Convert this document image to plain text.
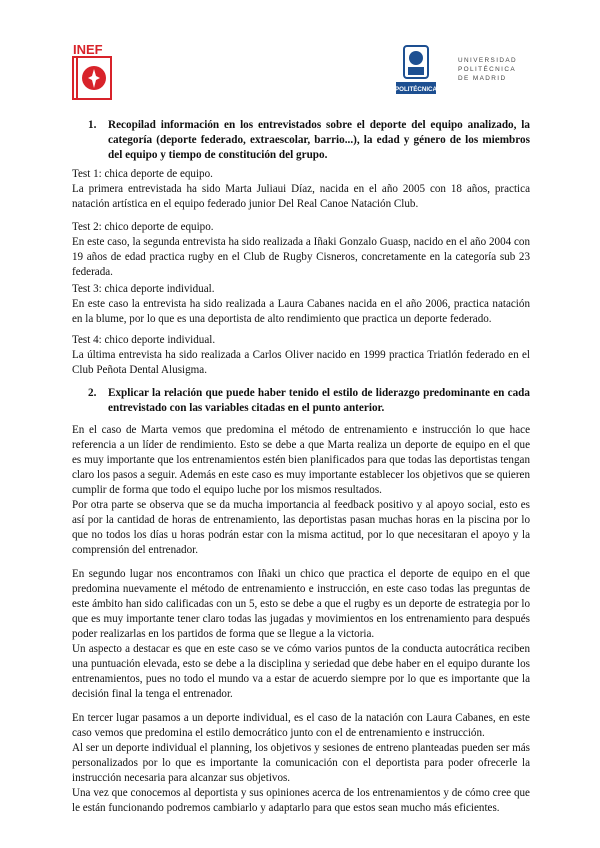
INEF
POLITÉCNICA
UNIVERSIDAD
POLITÉCNICA
DE MADRID
1.	Recopilad información en los entrevistados sobre el deporte del equipo analizado, la categoría (deporte federado, extraescolar, barrio...), la edad y género de los miembros del equipo y tiempo de constitución del grupo.

Test 1: chica deporte de equipo.

La primera entrevistada ha sido Marta Juliaui Díaz, nacida en el año 2005 con 18 años, practica natación artística en el equipo federado junior Del Real Canoe Natación Club.

Test 2: chico deporte de equipo.

En este caso, la segunda entrevista ha sido realizada a Iñaki Gonzalo Guasp, nacido en el año 2004 con 19 años de edad practica rugby en el Club de Rugby Cisneros, concretamente en la categoría sub 23 federada.

Test 3: chica deporte individual.

En este caso la entrevista ha sido realizada a Laura Cabanes nacida en el año 2006, practica natación en la blume, por lo que es una deportista de alto rendimiento que practica un deporte federado.

Test 4: chico deporte individual.

La última entrevista ha sido realizada a Carlos Oliver nacido en 1999 practica Triatlón federado en el Club Peñota Dental Alusigma.

2.	Explicar la relación que puede haber tenido el estilo de liderazgo predominante en cada entrevistado con las variables citadas en el punto anterior.

En el caso de Marta vemos que predomina el método de entrenamiento e instrucción lo que hace referencia a un líder de rendimiento. Esto se debe a que Marta realiza un deporte de equipo en el que es muy importante que los entrenamientos estén bien planificados para que todas las deportistas tengan claro los pasos a seguir. Además en este caso es muy importante establecer los objetivos que se quieren cumplir de forma que todo el equipo luche por los mismos resultados.

Por otra parte se observa que se da mucha importancia al feedback positivo y al apoyo social, esto es así por la cantidad de horas de entrenamiento, las deportistas pasan muchas horas en la piscina por lo que no todos los días u horas podrán estar con la misma actitud, por lo que necesitaran el apoyo y la comprensión del entrenador.

En segundo lugar nos encontramos con Iñaki un chico que practica el deporte de equipo en el que predomina nuevamente el método de entrenamiento e instrucción, en este caso todas las preguntas de este ámbito han sido calificadas con un 5, esto se debe a que el rugby es un deporte de estrategia por lo que es muy importante tener claro todas las jugadas y movimientos en los entrenamiento para después poder realizarlas en los partidos de forma que se llegue a la victoria.

Un aspecto a destacar es que en este caso se ve cómo varios puntos de la conducta autocrática reciben una puntuación elevada, esto se debe a la disciplina y seriedad que debe haber en el equipo durante los entrenamientos, pues no todo el mundo va a estar de acuerdo siempre por lo que es importante que la decisión final la tenga el entrenador.

En tercer lugar pasamos a un deporte individual, es el caso de la natación con Laura Cabanes, en este caso vemos que predomina el estilo democrático junto con el de entrenamiento e instrucción.

Al ser un deporte individual el planning, los objetivos y sesiones de entreno planteadas pueden ser más personalizados por lo que es importante la comunicación con el deportista para poder ofrecerle la instrucción necesaria para alcanzar sus objetivos.

Una vez que conocemos al deportista y sus opiniones acerca de los entrenamientos y de cómo cree que le están funcionando podremos cambiarlo y adaptarlo para que estos sean mucho más eficientes.
